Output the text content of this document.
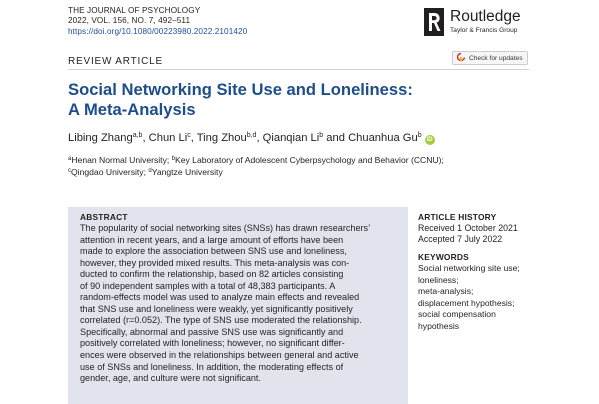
THE JOURNAL OF PSYCHOLOGY
2022, VOL. 156, NO. 7, 492–511
https://doi.org/10.1080/00223980.2022.2101420
Routledge
Taylor & Francis Group
REVIEW ARTICLE	Check for updates
Social Networking Site Use and Loneliness:
A Meta-Analysis
Libing Zhang$^{a,b}$, Chun Li$^c$, Ting Zhou$^{b,d}$, Qianqian Li$^b$ and Chuanhua Gu$^b$iD
$^a$Henan Normal University; $^b$Key Laboratory of Adolescent Cyberpsychology and Behavior (CCNU);
$^c$Qingdao University; $^d$Yangtze University
ABSTRACT
The popularity of social networking sites (SNSs) has drawn researchers’
attention in recent years, and a large amount of efforts have been
made to explore the association between SNS use and loneliness,
however, they provided mixed results. This meta-analysis was con-
ducted to confirm the relationship, based on 82 articles consisting
of 90 independent samples with a total of 48,383 participants. A
random-effects model was used to analyze main effects and revealed
that SNS use and loneliness were weakly, yet significantly positively
correlated (r=0.052). The type of SNS use moderated the relationship.
Specifically, abnormal and passive SNS use was significantly and
positively correlated with loneliness; however, no significant differ-
ences were observed in the relationships between general and active
use of SNSs and loneliness. In addition, the moderating effects of
gender, age, and culture were not significant.
ARTICLE HISTORY
Received 1 October 2021
Accepted 7 July 2022
KEYWORDS
Social networking site use;
loneliness;
meta-analysis;
displacement hypothesis;
social compensation hypothesis
